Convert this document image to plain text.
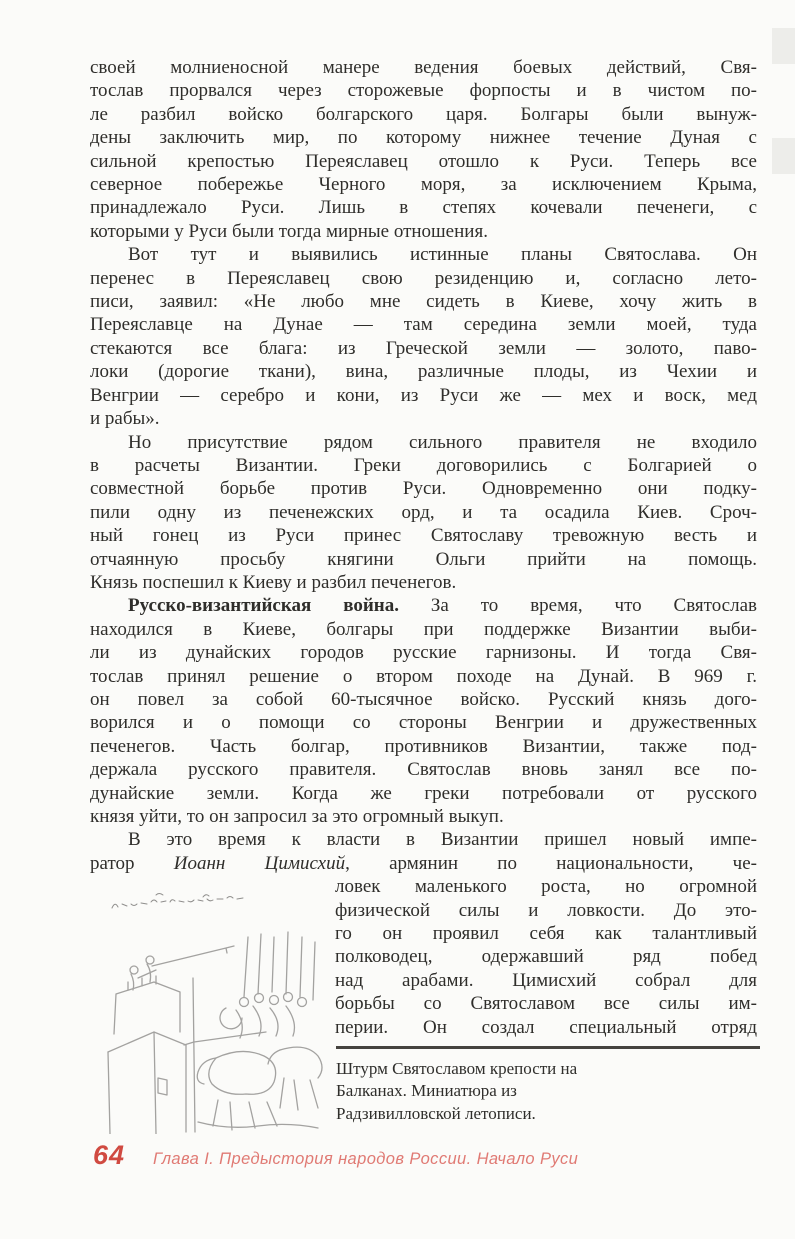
своей молниеносной манере ведения боевых действий, Свя-
тослав прорвался через сторожевые форпосты и в чистом по-
ле разбил войско болгарского царя. Болгары были вынуж-
дены заключить мир, по которому нижнее течение Дуная с
сильной крепостью Переяславец отошло к Руси. Теперь все
северное побережье Черного моря, за исключением Крыма,
принадлежало Руси. Лишь в степях кочевали печенеги, с
которыми у Руси были тогда мирные отношения.
Вот тут и выявились истинные планы Святослава. Он
перенес в Переяславец свою резиденцию и, согласно лето-
писи, заявил: «Не любо мне сидеть в Киеве, хочу жить в
Переяславце на Дунае — там середина земли моей, туда
стекаются все блага: из Греческой земли — золото, паво-
локи (дорогие ткани), вина, различные плоды, из Чехии и
Венгрии — серебро и кони, из Руси же — мех и воск, мед
и рабы».
Но присутствие рядом сильного правителя не входило
в расчеты Византии. Греки договорились с Болгарией о
совместной борьбе против Руси. Одновременно они подку-
пили одну из печенежских орд, и та осадила Киев. Сроч-
ный гонец из Руси принес Святославу тревожную весть и
отчаянную просьбу княгини Ольги прийти на помощь.
Князь поспешил к Киеву и разбил печенегов.
Русско-византийская война. За то время, что Святослав
находился в Киеве, болгары при поддержке Византии выби-
ли из дунайских городов русские гарнизоны. И тогда Свя-
тослав принял решение о втором походе на Дунай. В 969 г.
он повел за собой 60-тысячное войско. Русский князь дого-
ворился и о помощи со стороны Венгрии и дружественных
печенегов. Часть болгар, противников Византии, также под-
держала русского правителя. Святослав вновь занял все по-
дунайские земли. Когда же греки потребовали от русского
князя уйти, то он запросил за это огромный выкуп.
В это время к власти в Византии пришел новый импе-
ратор Иоанн Цимисхий, армянин по национальности, че-
ловек маленького роста, но огромной
физической силы и ловкости. До это-
го он проявил себя как талантливый
полководец, одержавший ряд побед
над арабами. Цимисхий собрал для
борьбы со Святославом все силы им-
перии. Он создал специальный отряд
Штурм Святославом крепости на
Балканах. Миниатюра из
Радзивилловской летописи.
64 Глава I. Предыстория народов России. Начало Руси
